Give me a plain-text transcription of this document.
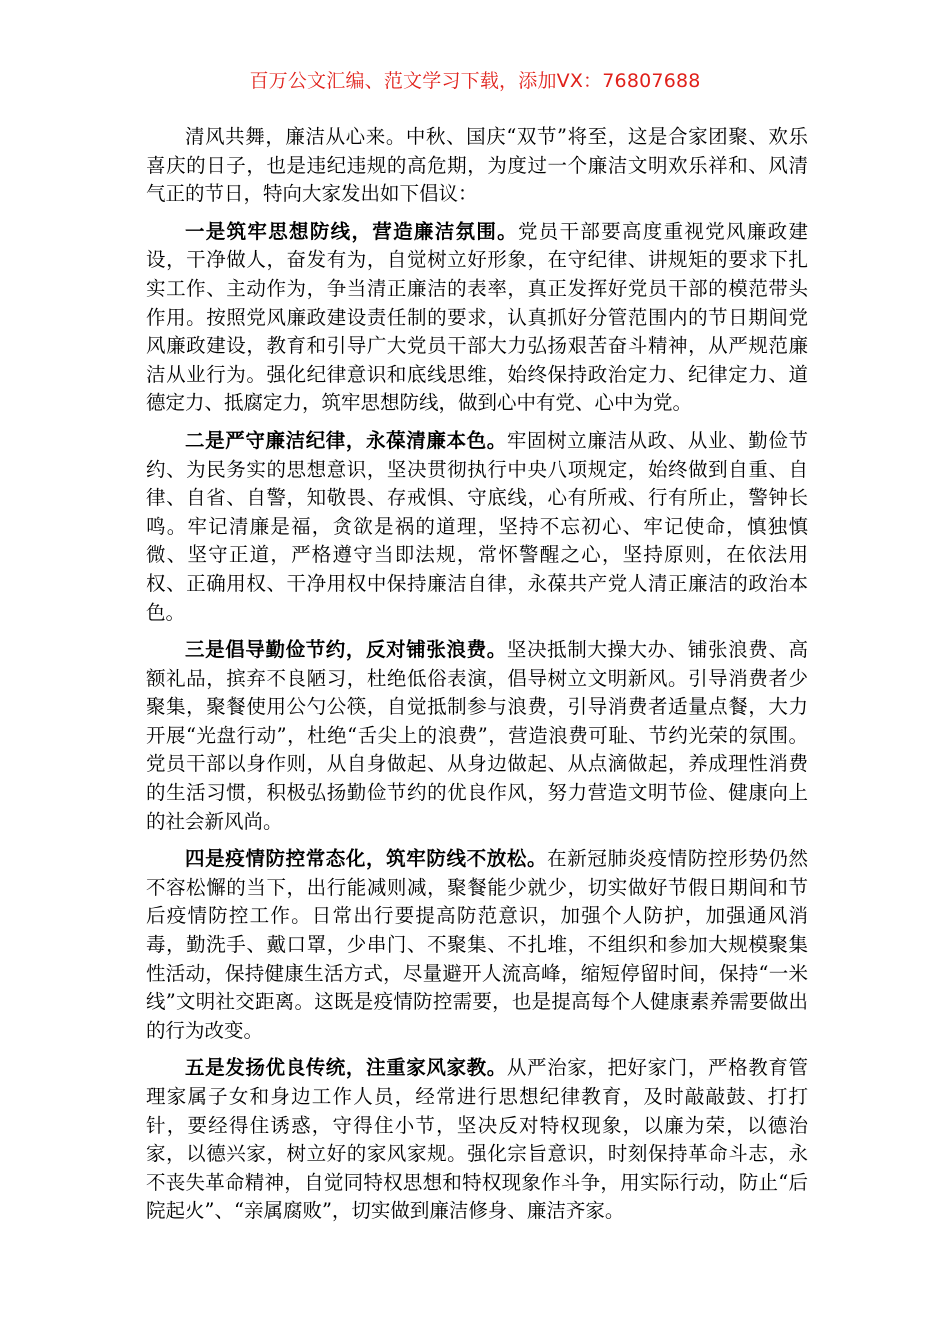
百万公文汇编、范文学习下载，添加VX：76807688

清风共舞，廉洁从心来。中秋、国庆“双节”将至，这是合家团聚、欢乐喜庆的日子，也是违纪违规的高危期，为度过一个廉洁文明欢乐祥和、风清气正的节日，特向大家发出如下倡议：

一是筑牢思想防线，营造廉洁氛围。党员干部要高度重视党风廉政建设，干净做人，奋发有为，自觉树立好形象，在守纪律、讲规矩的要求下扎实工作、主动作为，争当清正廉洁的表率，真正发挥好党员干部的模范带头作用。按照党风廉政建设责任制的要求，认真抓好分管范围内的节日期间党风廉政建设，教育和引导广大党员干部大力弘扬艰苦奋斗精神，从严规范廉洁从业行为。强化纪律意识和底线思维，始终保持政治定力、纪律定力、道德定力、抵腐定力，筑牢思想防线，做到心中有党、心中为党。

二是严守廉洁纪律，永葆清廉本色。牢固树立廉洁从政、从业、勤俭节约、为民务实的思想意识，坚决贯彻执行中央八项规定，始终做到自重、自律、自省、自警，知敬畏、存戒惧、守底线，心有所戒、行有所止，警钟长鸣。牢记清廉是福，贪欲是祸的道理，坚持不忘初心、牢记使命，慎独慎微、坚守正道，严格遵守当即法规，常怀警醒之心，坚持原则，在依法用权、正确用权、干净用权中保持廉洁自律，永葆共产党人清正廉洁的政治本色。

三是倡导勤俭节约，反对铺张浪费。坚决抵制大操大办、铺张浪费、高额礼品，摈弃不良陋习，杜绝低俗表演，倡导树立文明新风。引导消费者少聚集，聚餐使用公勺公筷，自觉抵制参与浪费，引导消费者适量点餐，大力开展“光盘行动”，杜绝“舌尖上的浪费”，营造浪费可耻、节约光荣的氛围。党员干部以身作则，从自身做起、从身边做起、从点滴做起，养成理性消费的生活习惯，积极弘扬勤俭节约的优良作风，努力营造文明节俭、健康向上的社会新风尚。

四是疫情防控常态化，筑牢防线不放松。在新冠肺炎疫情防控形势仍然不容松懈的当下，出行能减则减，聚餐能少就少，切实做好节假日期间和节后疫情防控工作。日常出行要提高防范意识，加强个人防护，加强通风消毒，勤洗手、戴口罩，少串门、不聚集、不扎堆，不组织和参加大规模聚集性活动，保持健康生活方式，尽量避开人流高峰，缩短停留时间，保持“一米线”文明社交距离。这既是疫情防控需要，也是提高每个人健康素养需要做出的行为改变。

五是发扬优良传统，注重家风家教。从严治家，把好家门，严格教育管理家属子女和身边工作人员，经常进行思想纪律教育，及时敲敲鼓、打打针，要经得住诱惑，守得住小节，坚决反对特权现象，以廉为荣，以德治家，以德兴家，树立好的家风家规。强化宗旨意识，时刻保持革命斗志，永不丧失革命精神，自觉同特权思想和特权现象作斗争，用实际行动，防止“后院起火”、“亲属腐败”，切实做到廉洁修身、廉洁齐家。
